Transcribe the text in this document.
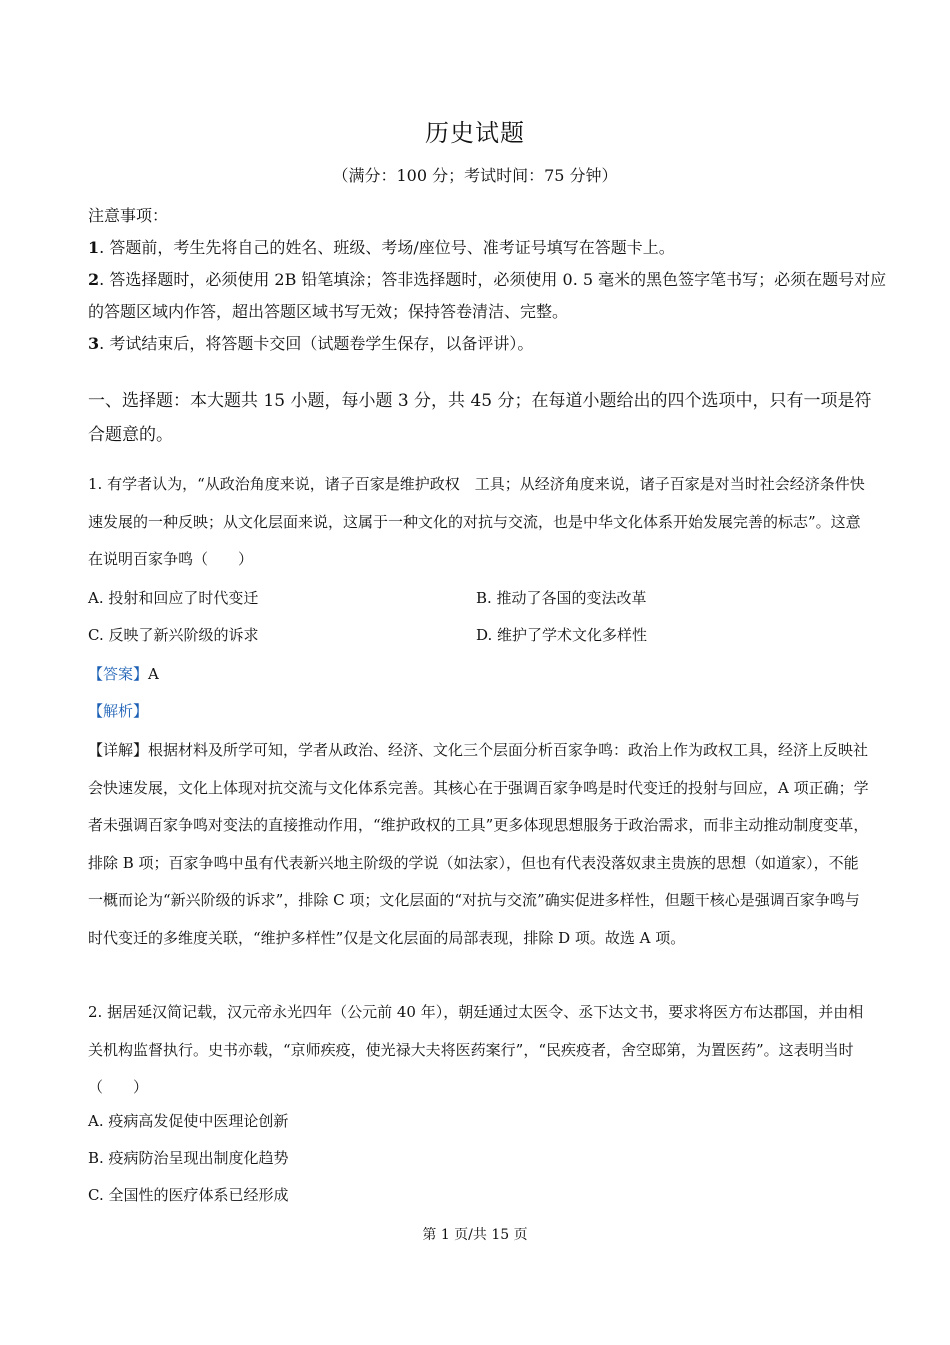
历史试题
（满分：100 分；考试时间：75 分钟）

注意事项：

1. 答题前，考生先将自己的姓名、班级、考场/座位号、准考证号填写在答题卡上。

2. 答选择题时，必须使用 2B 铅笔填涂；答非选择题时，必须使用 0. 5 毫米的黑色签字笔书写；必须在题号对应的答题区域内作答，超出答题区域书写无效；保持答卷清洁、完整。

3. 考试结束后，将答题卡交回（试题卷学生保存，以备评讲）。

一、选择题：本大题共 15 小题，每小题 3 分，共 45 分；在每道小题给出的四个选项中，只有一项是符合题意的。
1. 有学者认为，“从政治角度来说，诸子百家是维护政权　工具；从经济角度来说，诸子百家是对当时社会经济条件快速发展的一种反映；从文化层面来说，这属于一种文化的对抗与交流，也是中华文化体系开始发展完善的标志”。这意在说明百家争鸣（　　）
A. 投射和回应了时代变迁	B. 推动了各国的变法改革
C. 反映了新兴阶级的诉求	D. 维护了学术文化多样性
【答案】A
【解析】
【详解】根据材料及所学可知，学者从政治、经济、文化三个层面分析百家争鸣：政治上作为政权工具，经济上反映社会快速发展，文化上体现对抗交流与文化体系完善。其核心在于强调百家争鸣是时代变迁的投射与回应，A 项正确；学者未强调百家争鸣对变法的直接推动作用，“维护政权的工具”更多体现思想服务于政治需求，而非主动推动制度变革，排除 B 项；百家争鸣中虽有代表新兴地主阶级的学说（如法家），但也有代表没落奴隶主贵族的思想（如道家），不能一概而论为“新兴阶级的诉求”，排除 C 项；文化层面的“对抗与交流”确实促进多样性，但题干核心是强调百家争鸣与时代变迁的多维度关联，“维护多样性”仅是文化层面的局部表现，排除 D 项。故选 A 项。
2. 据居延汉简记载，汉元帝永光四年（公元前 40 年），朝廷通过太医令、丞下达文书，要求将医方布达郡国，并由相关机构监督执行。史书亦载，“京师疾疫，使光禄大夫将医药案行”，“民疾疫者，舍空邸第，为置医药”。这表明当时（　　）
A. 疫病高发促使中医理论创新
B. 疫病防治呈现出制度化趋势
C. 全国性的医疗体系已经形成
第 1 页/共 15 页
